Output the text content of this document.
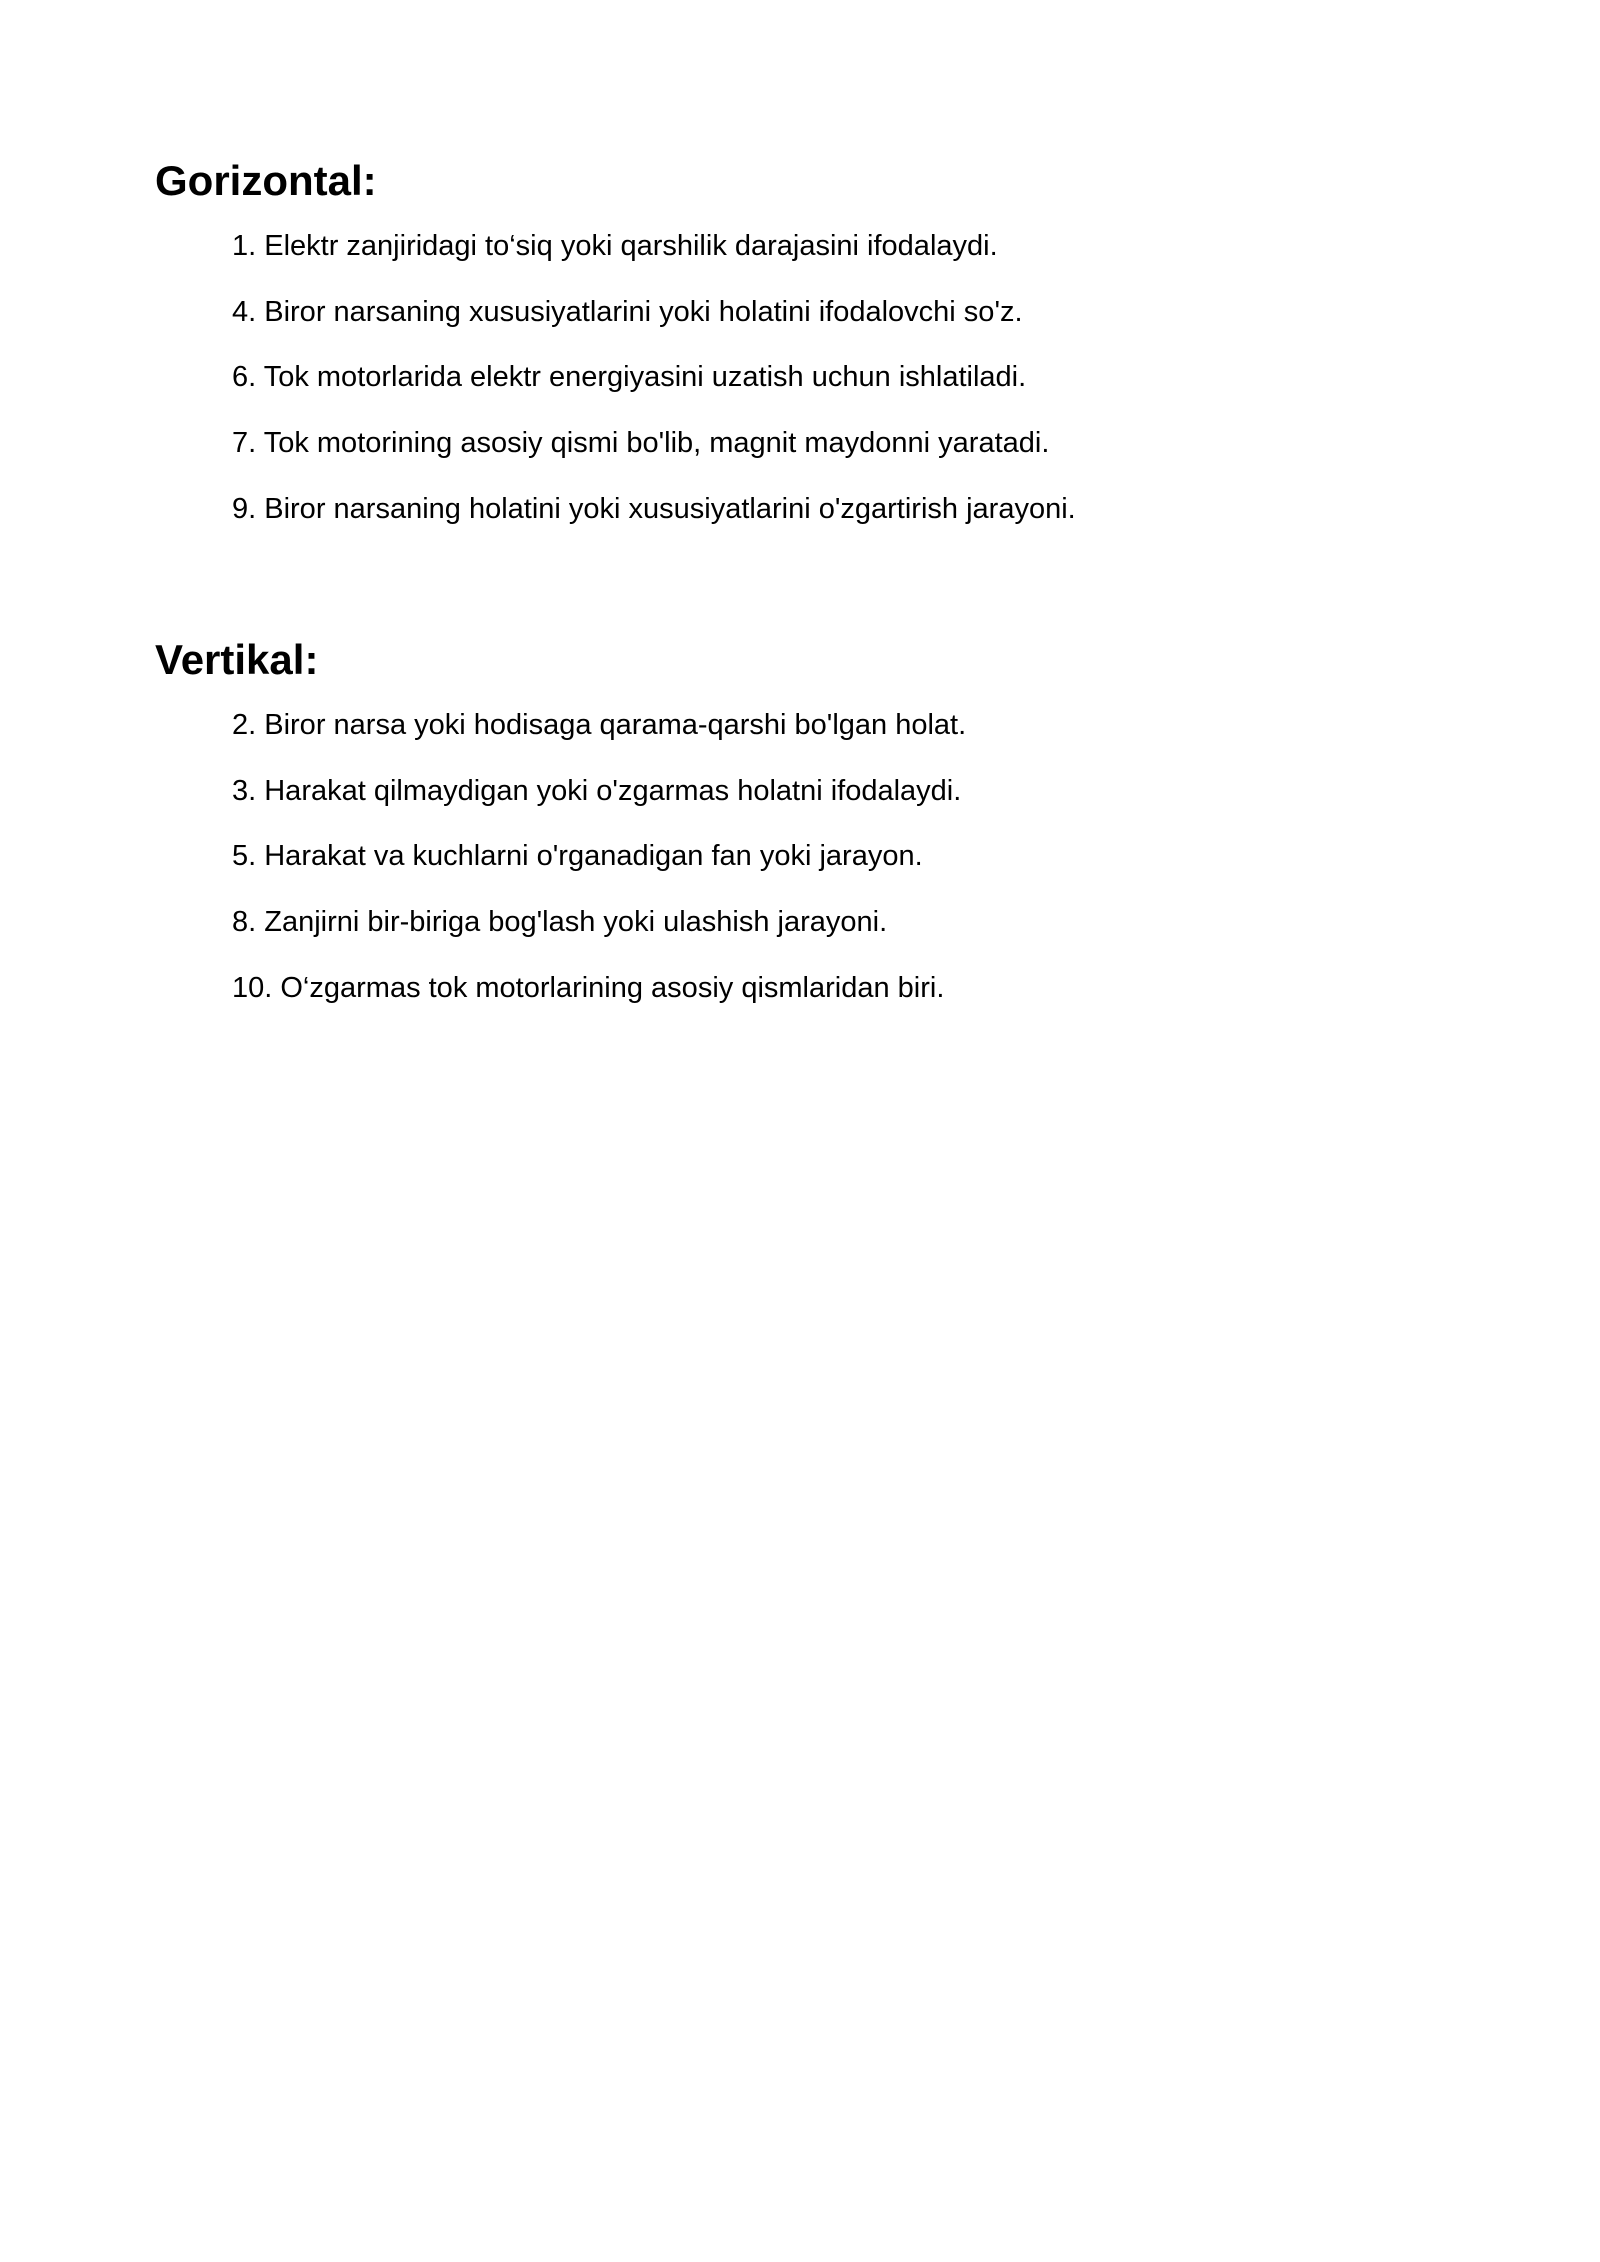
Gorizontal:
1. Elektr zanjiridagi to‘siq yoki qarshilik darajasini ifodalaydi.
4. Biror narsaning xususiyatlarini yoki holatini ifodalovchi so'z.
6. Tok motorlarida elektr energiyasini uzatish uchun ishlatiladi.
7. Tok motorining asosiy qismi bo'lib, magnit maydonni yaratadi.
9. Biror narsaning holatini yoki xususiyatlarini o'zgartirish jarayoni.
Vertikal:
2. Biror narsa yoki hodisaga qarama-qarshi bo'lgan holat.
3. Harakat qilmaydigan yoki o'zgarmas holatni ifodalaydi.
5. Harakat va kuchlarni o'rganadigan fan yoki jarayon.
8. Zanjirni bir-biriga bog'lash yoki ulashish jarayoni.
10. O‘zgarmas tok motorlarining asosiy qismlaridan biri.
